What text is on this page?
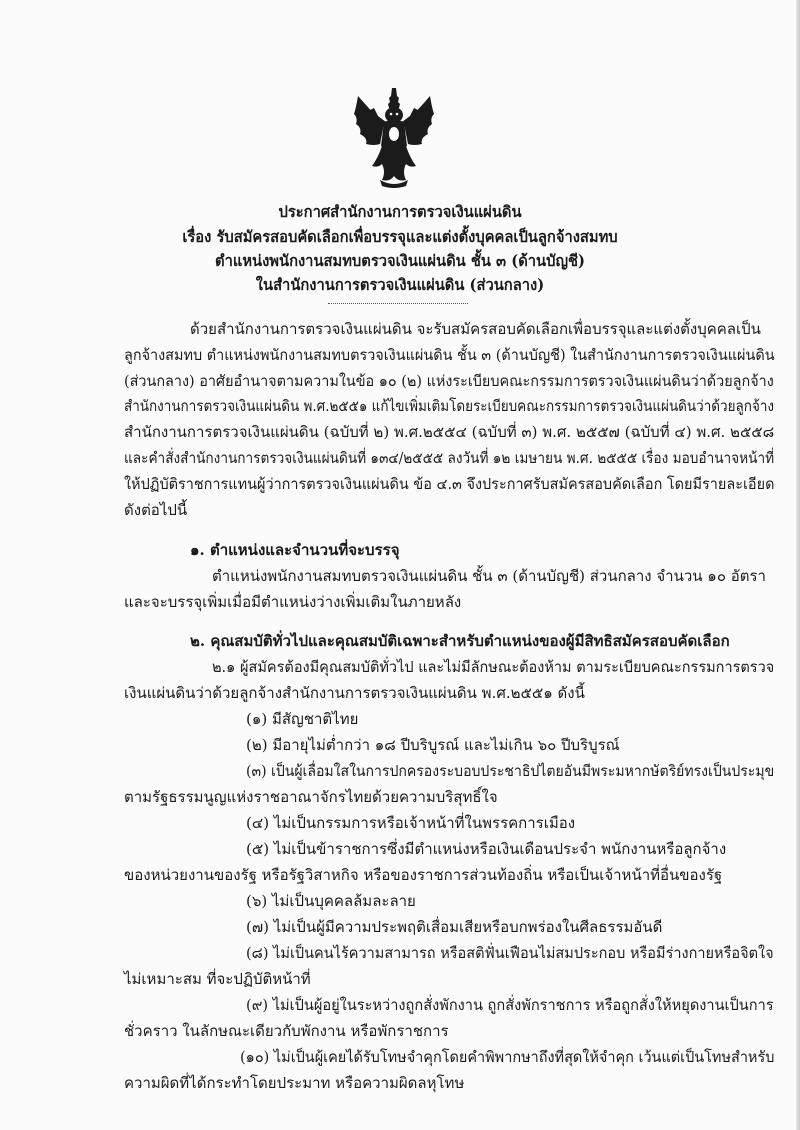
ประกาศสำนักงานการตรวจเงินแผ่นดิน
เรื่อง รับสมัครสอบคัดเลือกเพื่อบรรจุและแต่งตั้งบุคคลเป็นลูกจ้างสมทบ
ตำแหน่งพนักงานสมทบตรวจเงินแผ่นดิน ชั้น ๓ (ด้านบัญชี)
ในสำนักงานการตรวจเงินแผ่นดิน (ส่วนกลาง)
ด้วยสำนักงานการตรวจเงินแผ่นดิน จะรับสมัครสอบคัดเลือกเพื่อบรรจุและแต่งตั้งบุคคลเป็น
ลูกจ้างสมทบ ตำแหน่งพนักงานสมทบตรวจเงินแผ่นดิน ชั้น ๓ (ด้านบัญชี) ในสำนักงานการตรวจเงินแผ่นดิน
(ส่วนกลาง) อาศัยอำนาจตามความในข้อ ๑๐ (๒) แห่งระเบียบคณะกรรมการตรวจเงินแผ่นดินว่าด้วยลูกจ้าง
สำนักงานการตรวจเงินแผ่นดิน พ.ศ.๒๕๕๑ แก้ไขเพิ่มเติมโดยระเบียบคณะกรรมการตรวจเงินแผ่นดินว่าด้วยลูกจ้าง
สำนักงานการตรวจเงินแผ่นดิน (ฉบับที่ ๒) พ.ศ.๒๕๕๔ (ฉบับที่ ๓) พ.ศ. ๒๕๕๗ (ฉบับที่ ๔) พ.ศ. ๒๕๕๘
และคำสั่งสำนักงานการตรวจเงินแผ่นดินที่ ๑๓๔/๒๕๕๕ ลงวันที่ ๑๒ เมษายน พ.ศ. ๒๕๕๕ เรื่อง มอบอำนาจหน้าที่
ให้ปฏิบัติราชการแทนผู้ว่าการตรวจเงินแผ่นดิน ข้อ ๔.๓ จึงประกาศรับสมัครสอบคัดเลือก โดยมีรายละเอียด
ดังต่อไปนี้
๑. ตำแหน่งและจำนวนที่จะบรรจุ
ตำแหน่งพนักงานสมทบตรวจเงินแผ่นดิน ชั้น ๓ (ด้านบัญชี) ส่วนกลาง จำนวน ๑๐ อัตรา
และจะบรรจุเพิ่มเมื่อมีตำแหน่งว่างเพิ่มเติมในภายหลัง
๒. คุณสมบัติทั่วไปและคุณสมบัติเฉพาะสำหรับตำแหน่งของผู้มีสิทธิสมัครสอบคัดเลือก
๒.๑ ผู้สมัครต้องมีคุณสมบัติทั่วไป และไม่มีลักษณะต้องห้าม ตามระเบียบคณะกรรมการตรวจ
เงินแผ่นดินว่าด้วยลูกจ้างสำนักงานการตรวจเงินแผ่นดิน พ.ศ.๒๕๕๑ ดังนี้
(๑) มีสัญชาติไทย
(๒) มีอายุไม่ต่ำกว่า ๑๘ ปีบริบูรณ์ และไม่เกิน ๖๐ ปีบริบูรณ์
(๓) เป็นผู้เลื่อมใสในการปกครองระบอบประชาธิปไตยอันมีพระมหากษัตริย์ทรงเป็นประมุข
ตามรัฐธรรมนูญแห่งราชอาณาจักรไทยด้วยความบริสุทธิ์ใจ
(๔) ไม่เป็นกรรมการหรือเจ้าหน้าที่ในพรรคการเมือง
(๕) ไม่เป็นข้าราชการซึ่งมีตำแหน่งหรือเงินเดือนประจำ พนักงานหรือลูกจ้าง
ของหน่วยงานของรัฐ หรือรัฐวิสาหกิจ หรือของราชการส่วนท้องถิ่น หรือเป็นเจ้าหน้าที่อื่นของรัฐ
(๖) ไม่เป็นบุคคลล้มละลาย
(๗) ไม่เป็นผู้มีความประพฤติเสื่อมเสียหรือบกพร่องในศีลธรรมอันดี
(๘) ไม่เป็นคนไร้ความสามารถ หรือสติฟั่นเฟือนไม่สมประกอบ หรือมีร่างกายหรือจิตใจ
ไม่เหมาะสม ที่จะปฏิบัติหน้าที่
(๙) ไม่เป็นผู้อยู่ในระหว่างถูกสั่งพักงาน ถูกสั่งพักราชการ หรือถูกสั่งให้หยุดงานเป็นการ
ชั่วคราว ในลักษณะเดียวกับพักงาน หรือพักราชการ
(๑๐) ไม่เป็นผู้เคยได้รับโทษจำคุกโดยคำพิพากษาถึงที่สุดให้จำคุก เว้นแต่เป็นโทษสำหรับ
ความผิดที่ได้กระทำโดยประมาท หรือความผิดลหุโทษ
